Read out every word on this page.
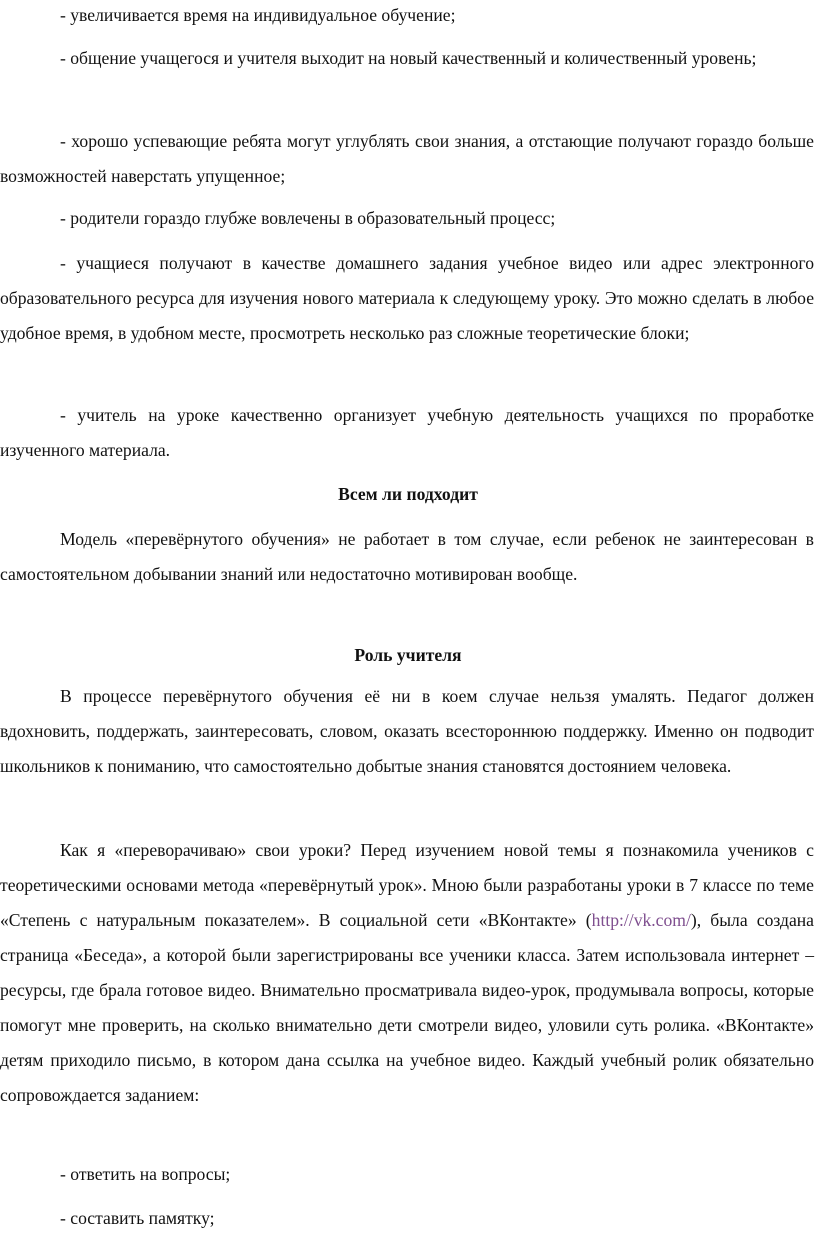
- увеличивается время на индивидуальное обучение;

- общение учащегося и учителя выходит на новый качественный и количественный уровень;

- хорошо успевающие ребята могут углублять свои знания, а отстающие получают гораздо больше возможностей наверстать упущенное;

- родители гораздо глубже вовлечены в образовательный процесс;

- учащиеся получают в качестве домашнего задания учебное видео или адрес электронного образовательного ресурса для изучения нового материала к следующему уроку. Это можно сделать в любое удобное время, в удобном месте, просмотреть несколько раз сложные теоретические блоки;

- учитель на уроке качественно организует учебную деятельность учащихся по проработке изученного материала.

Всем ли подходит

Модель «перевёрнутого обучения» не работает в том случае, если ребенок не заинтересован в самостоятельном добывании знаний или недостаточно мотивирован вообще.

Роль учителя

В процессе перевёрнутого обучения её ни в коем случае нельзя умалять. Педагог должен вдохновить, поддержать, заинтересовать, словом, оказать всестороннюю поддержку. Именно он подводит школьников к пониманию, что самостоятельно добытые знания становятся достоянием человека.

Как я «переворачиваю» свои уроки? Перед изучением новой темы я познакомила учеников с теоретическими основами метода «перевёрнутый урок». Мною были разработаны уроки в 7 классе по теме «Степень с натуральным показателем». В социальной сети «ВКонтакте» (http://vk.com/), была создана страница «Беседа», а которой были зарегистрированы все ученики класса. Затем использовала интернет – ресурсы, где брала готовое видео. Внимательно просматривала видео-урок, продумывала вопросы, которые помогут мне проверить, на сколько внимательно дети смотрели видео, уловили суть ролика. «ВКонтакте» детям приходило письмо, в котором дана ссылка на учебное видео. Каждый учебный ролик обязательно сопровождается заданием:

- ответить на вопросы;

- составить памятку;
